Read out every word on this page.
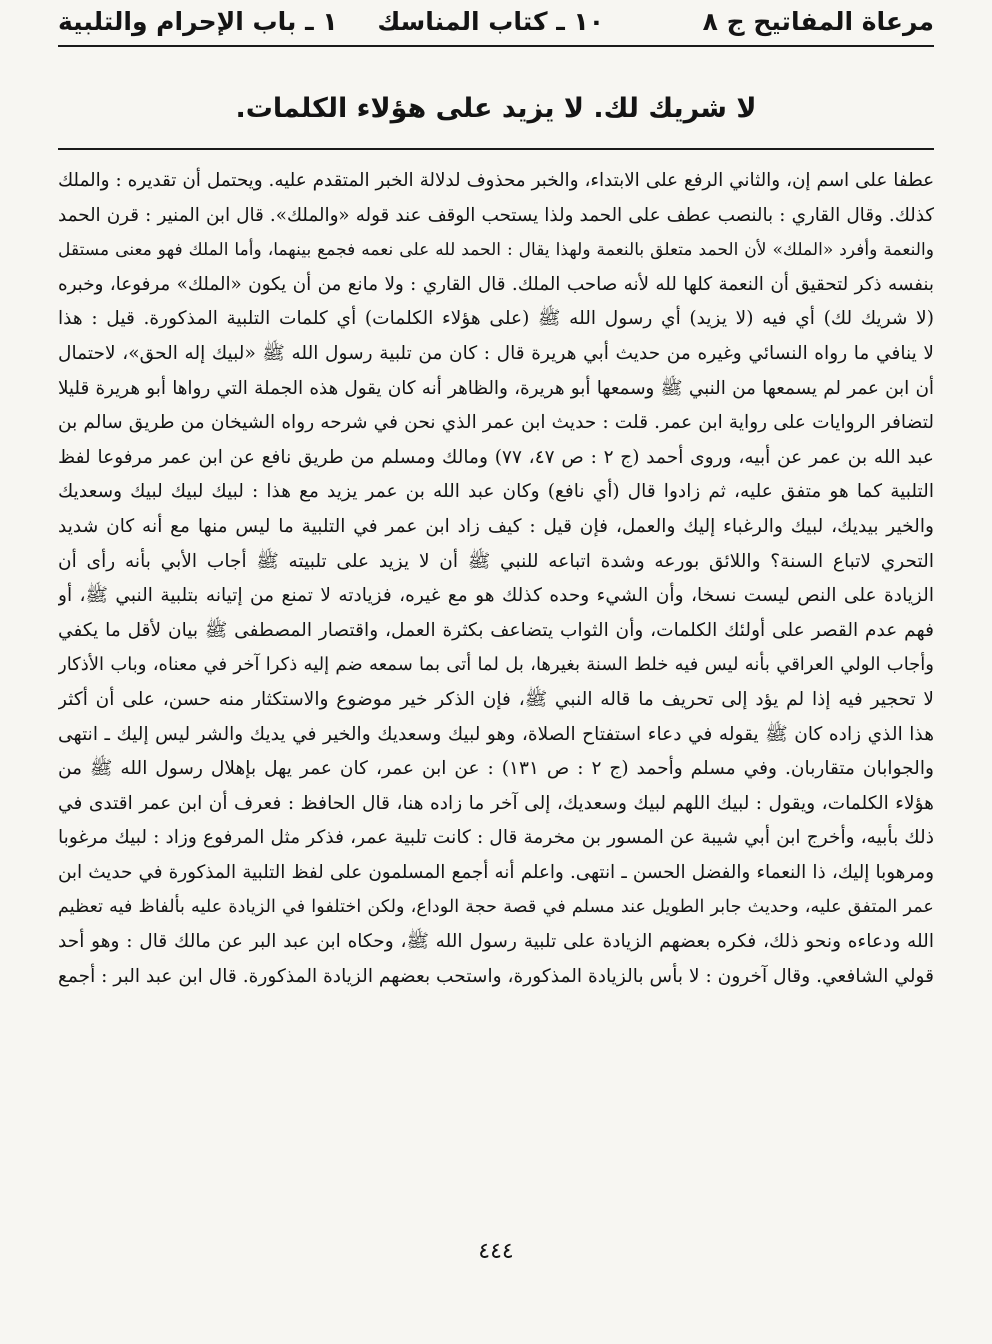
مرعاة المفاتيح ج ٨
١٠ ـ كتاب المناسك
١ ـ باب الإحرام والتلبية
لا شريك لك. لا يزيد على هؤلاء الكلمات.

عطفا على اسم إن، والثاني الرفع على الابتداء، والخبر محذوف لدلالة الخبر المتقدم عليه. ويحتمل أن تقديره : والملك

كذلك. وقال القاري : بالنصب عطف على الحمد ولذا يستحب الوقف عند قوله «والملك». قال ابن المنير : قرن الحمد

والنعمة وأفرد «الملك» لأن الحمد متعلق بالنعمة ولهذا يقال : الحمد لله على نعمه فجمع بينهما، وأما الملك فهو معنى مستقل

بنفسه ذكر لتحقيق أن النعمة كلها لله لأنه صاحب الملك. قال القاري : ولا مانع من أن يكون «الملك» مرفوعا، وخبره

(لا شريك لك) أي فيه (لا يزيد) أي رسول الله ﷺ (على هؤلاء الكلمات) أي كلمات التلبية المذكورة. قيل : هذا

لا ينافي ما رواه النسائي وغيره من حديث أبي هريرة قال : كان من تلبية رسول الله ﷺ «لبيك إله الحق»، لاحتمال

أن ابن عمر لم يسمعها من النبي ﷺ وسمعها أبو هريرة، والظاهر أنه كان يقول هذه الجملة التي رواها أبو هريرة قليلا

لتضافر الروايات على رواية ابن عمر. قلت : حديث ابن عمر الذي نحن في شرحه رواه الشيخان من طريق سالم بن

عبد الله بن عمر عن أبيه، وروى أحمد (ج ٢ : ص ٤٧، ٧٧) ومالك ومسلم من طريق نافع عن ابن عمر مرفوعا لفظ

التلبية كما هو متفق عليه، ثم زادوا قال (أي نافع) وكان عبد الله بن عمر يزيد مع هذا : لبيك لبيك لبيك وسعديك

والخير بيديك، لبيك والرغباء إليك والعمل، فإن قيل : كيف زاد ابن عمر في التلبية ما ليس منها مع أنه كان شديد

التحري لاتباع السنة؟ واللائق بورعه وشدة اتباعه للنبي ﷺ أن لا يزيد على تلبيته ﷺ أجاب الأبي بأنه رأى أن

الزيادة على النص ليست نسخا، وأن الشيء وحده كذلك هو مع غيره، فزيادته لا تمنع من إتيانه بتلبية النبي ﷺ، أو

فهم عدم القصر على أولئك الكلمات، وأن الثواب يتضاعف بكثرة العمل، واقتصار المصطفى ﷺ بيان لأقل ما يكفي

وأجاب الولي العراقي بأنه ليس فيه خلط السنة بغيرها، بل لما أتى بما سمعه ضم إليه ذكرا آخر في معناه، وباب الأذكار

لا تحجير فيه إذا لم يؤد إلى تحريف ما قاله النبي ﷺ، فإن الذكر خير موضوع والاستكثار منه حسن، على أن أكثر

هذا الذي زاده كان ﷺ يقوله في دعاء استفتاح الصلاة، وهو لبيك وسعديك والخير في يديك والشر ليس إليك ـ انتهى

والجوابان متقاربان. وفي مسلم وأحمد (ج ٢ : ص ١٣١) : عن ابن عمر، كان عمر يهل بإهلال رسول الله ﷺ من

هؤلاء الكلمات، ويقول : لبيك اللهم لبيك وسعديك، إلى آخر ما زاده هنا، قال الحافظ : فعرف أن ابن عمر اقتدى في

ذلك بأبيه، وأخرج ابن أبي شيبة عن المسور بن مخرمة قال : كانت تلبية عمر، فذكر مثل المرفوع وزاد : لبيك مرغوبا

ومرهوبا إليك، ذا النعماء والفضل الحسن ـ انتهى. واعلم أنه أجمع المسلمون على لفظ التلبية المذكورة في حديث ابن

عمر المتفق عليه، وحديث جابر الطويل عند مسلم في قصة حجة الوداع، ولكن اختلفوا في الزيادة عليه بألفاظ فيه تعظيم

الله ودعاءه ونحو ذلك، فكره بعضهم الزيادة على تلبية رسول الله ﷺ، وحكاه ابن عبد البر عن مالك قال : وهو أحد

قولي الشافعي. وقال آخرون : لا بأس بالزيادة المذكورة، واستحب بعضهم الزيادة المذكورة. قال ابن عبد البر : أجمع

٤٤٤
